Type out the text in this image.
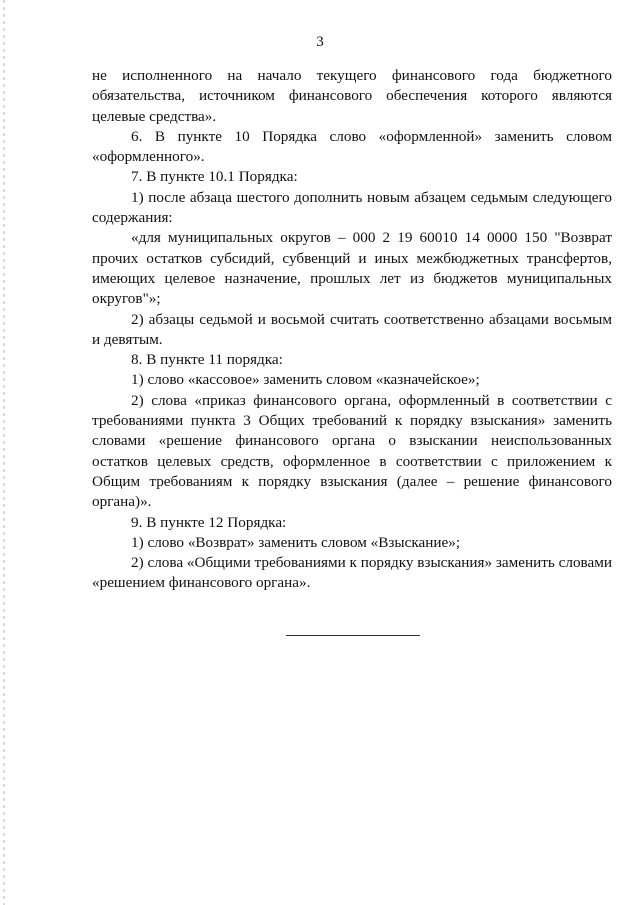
3

не исполненного на начало текущего финансового года бюджетного обязательства, источником финансового обеспечения которого являются целевые средства».

6. В пункте 10 Порядка слово «оформленной» заменить словом «оформленного».

7. В пункте 10.1 Порядка:

1) после абзаца шестого дополнить новым абзацем седьмым следующего содержания:

«для муниципальных округов – 000 2 19 60010 14 0000 150 "Возврат прочих остатков субсидий, субвенций и иных межбюджетных трансфертов, имеющих целевое назначение, прошлых лет из бюджетов муниципальных округов"»;

2) абзацы седьмой и восьмой считать соответственно абзацами восьмым и девятым.

8. В пункте 11 порядка:

1) слово «кассовое» заменить словом «казначейское»;

2) слова «приказ финансового органа, оформленный в соответствии с требованиями пункта 3 Общих требований к порядку взыскания» заменить словами «решение финансового органа о взыскании неиспользованных остатков целевых средств, оформленное в соответствии с приложением к Общим требованиям к порядку взыскания (далее – решение финансового органа)».

9. В пункте 12 Порядка:

1) слово «Возврат» заменить словом «Взыскание»;

2) слова «Общими требованиями к порядку взыскания» заменить словами «решением финансового органа».
